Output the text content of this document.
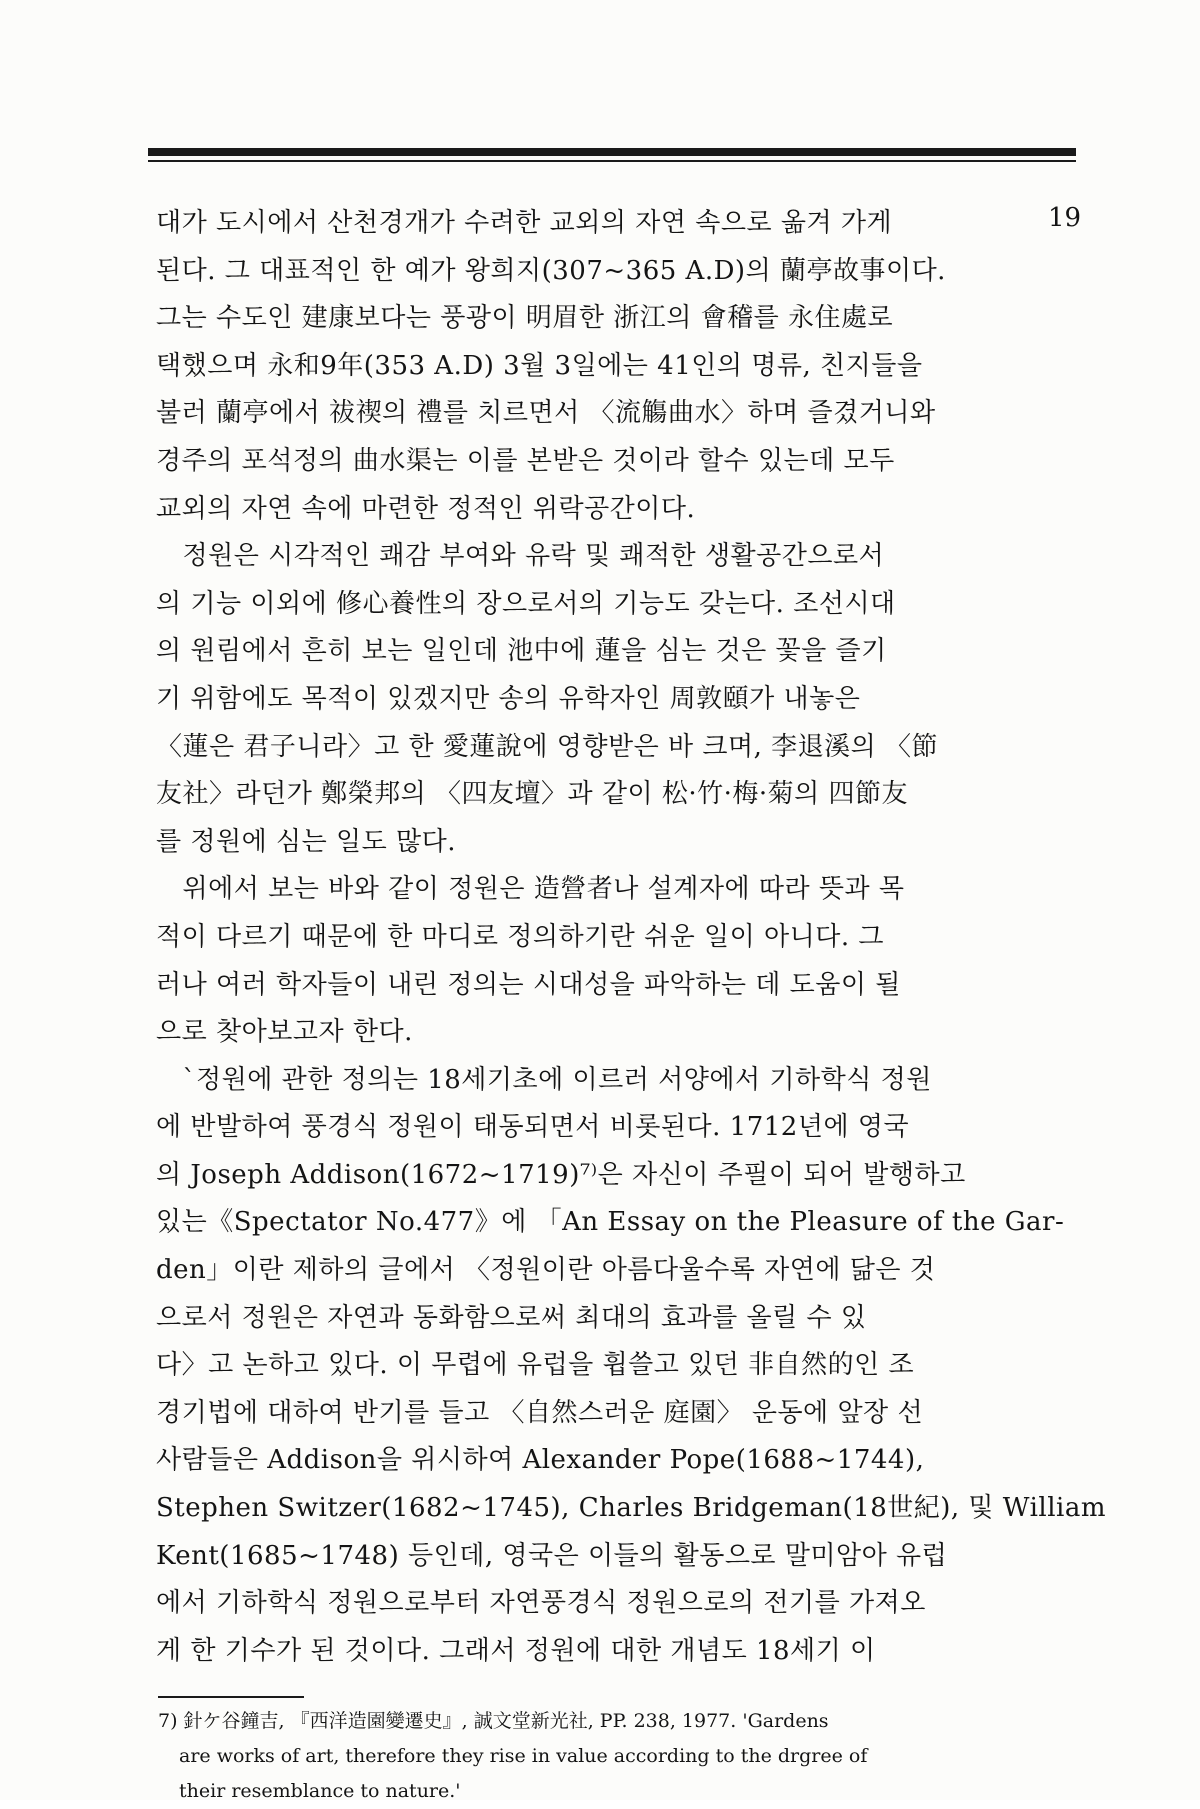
19
대가 도시에서 산천경개가 수려한 교외의 자연 속으로 옮겨 가게
된다. 그 대표적인 한 예가 왕희지(307~365 A.D)의 蘭亭故事이다.
그는 수도인 建康보다는 풍광이 明眉한 浙江의 會稽를 永住處로
택했으며 永和9年(353 A.D) 3월 3일에는 41인의 명류, 친지들을
불러 蘭亭에서 祓禊의 禮를 치르면서 〈流觴曲水〉하며 즐겼거니와
경주의 포석정의 曲水渠는 이를 본받은 것이라 할수 있는데 모두
교외의 자연 속에 마련한 정적인 위락공간이다.
　정원은 시각적인 쾌감 부여와 유락 및 쾌적한 생활공간으로서
의 기능 이외에 修心養性의 장으로서의 기능도 갖는다. 조선시대
의 원림에서 흔히 보는 일인데 池中에 蓮을 심는 것은 꽃을 즐기
기 위함에도 목적이 있겠지만 송의 유학자인 周敦頤가 내놓은
〈蓮은 君子니라〉고 한 愛蓮說에 영향받은 바 크며, 李退溪의 〈節
友社〉라던가 鄭榮邦의 〈四友壇〉과 같이 松·竹·梅·菊의 四節友
를 정원에 심는 일도 많다.
　위에서 보는 바와 같이 정원은 造營者나 설계자에 따라 뜻과 목
적이 다르기 때문에 한 마디로 정의하기란 쉬운 일이 아니다. 그
러나 여러 학자들이 내린 정의는 시대성을 파악하는 데 도움이 될
으로 찾아보고자 한다.
　`정원에 관한 정의는 18세기초에 이르러 서양에서 기하학식 정원
에 반발하여 풍경식 정원이 태동되면서 비롯된다. 1712년에 영국
의 Joseph Addison(1672~1719)⁷⁾은 자신이 주필이 되어 발행하고
있는《Spectator No.477》에 「An Essay on the Pleasure of the Gar-
den」이란 제하의 글에서 〈정원이란 아름다울수록 자연에 닮은 것
으로서 정원은 자연과 동화함으로써 최대의 효과를 올릴 수 있
다〉고 논하고 있다. 이 무렵에 유럽을 휩쓸고 있던 非自然的인 조
경기법에 대하여 반기를 들고 〈自然스러운 庭園〉 운동에 앞장 선
사람들은 Addison을 위시하여 Alexander Pope(1688~1744),
Stephen Switzer(1682~1745), Charles Bridgeman(18世紀), 및 William
Kent(1685~1748) 등인데, 영국은 이들의 활동으로 말미암아 유럽
에서 기하학식 정원으로부터 자연풍경식 정원으로의 전기를 가져오
게 한 기수가 된 것이다. 그래서 정원에 대한 개념도 18세기 이
7) 針ケ谷鐘吉, 『西洋造園變遷史』, 誠文堂新光社, PP. 238, 1977. 'Gardens
are works of art, therefore they rise in value according to the drgree of
their resemblance to nature.'
